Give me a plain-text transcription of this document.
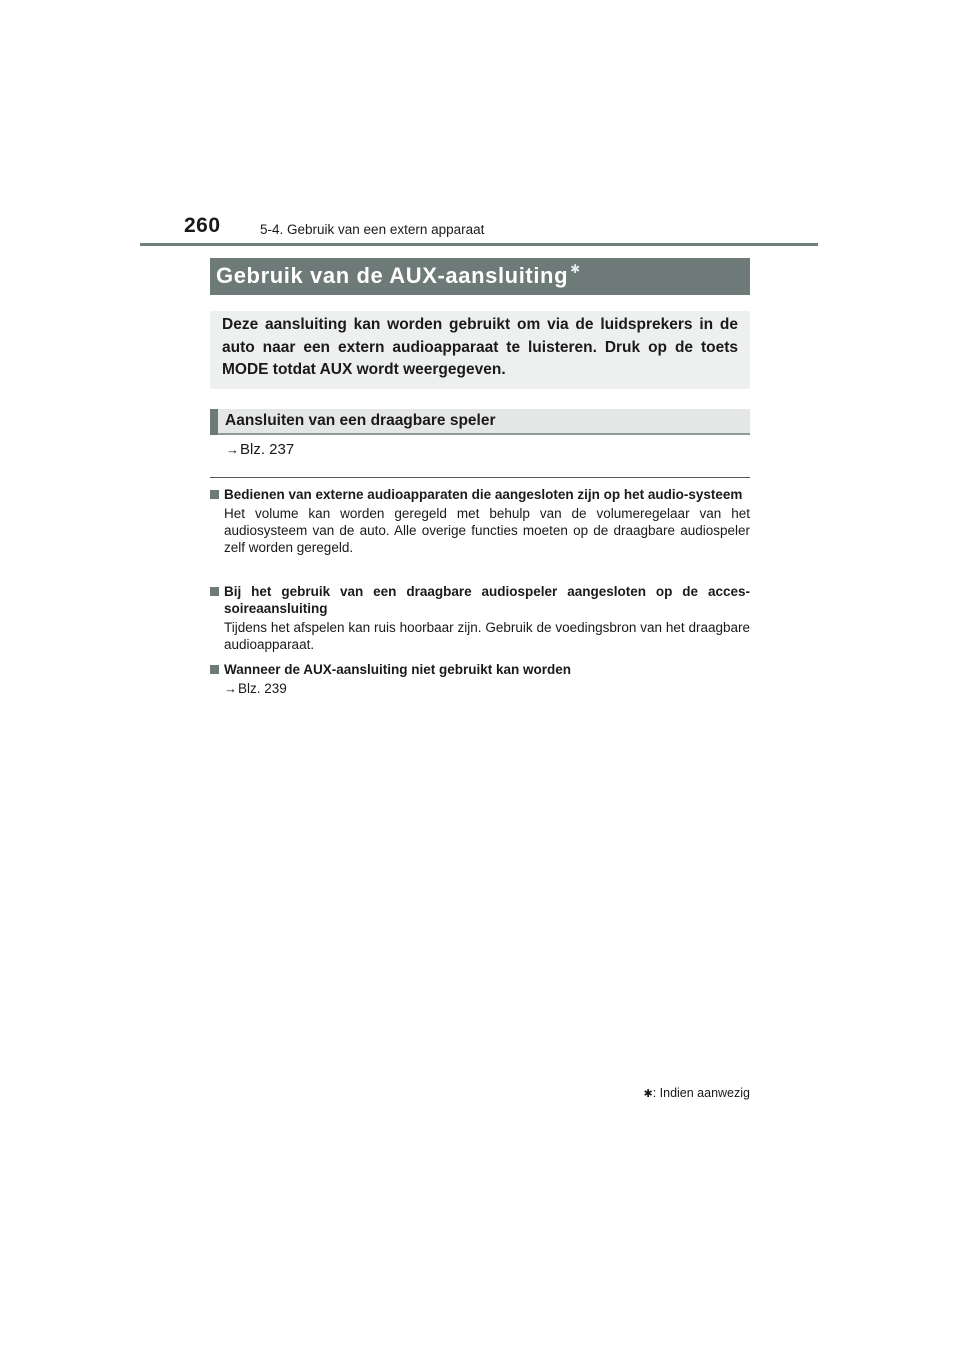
260	5-4. Gebruik van een extern apparaat
Gebruik van de AUX-aansluiting ✱
Deze aansluiting kan worden gebruikt om via de luidsprekers in de auto naar een extern audioapparaat te luisteren. Druk op de toets MODE totdat AUX wordt weergegeven.
Aansluiten van een draagbare speler
→Blz. 237
Bedienen van externe audioapparaten die aangesloten zijn op het audio-systeem
Het volume kan worden geregeld met behulp van de volumeregelaar van het audiosysteem van de auto. Alle overige functies moeten op de draagbare audiospeler zelf worden geregeld.
Bij het gebruik van een draagbare audiospeler aangesloten op de acces-soireaansluiting
Tijdens het afspelen kan ruis hoorbaar zijn. Gebruik de voedingsbron van het draagbare audioapparaat.
Wanneer de AUX-aansluiting niet gebruikt kan worden
→Blz. 239
✱: Indien aanwezig
